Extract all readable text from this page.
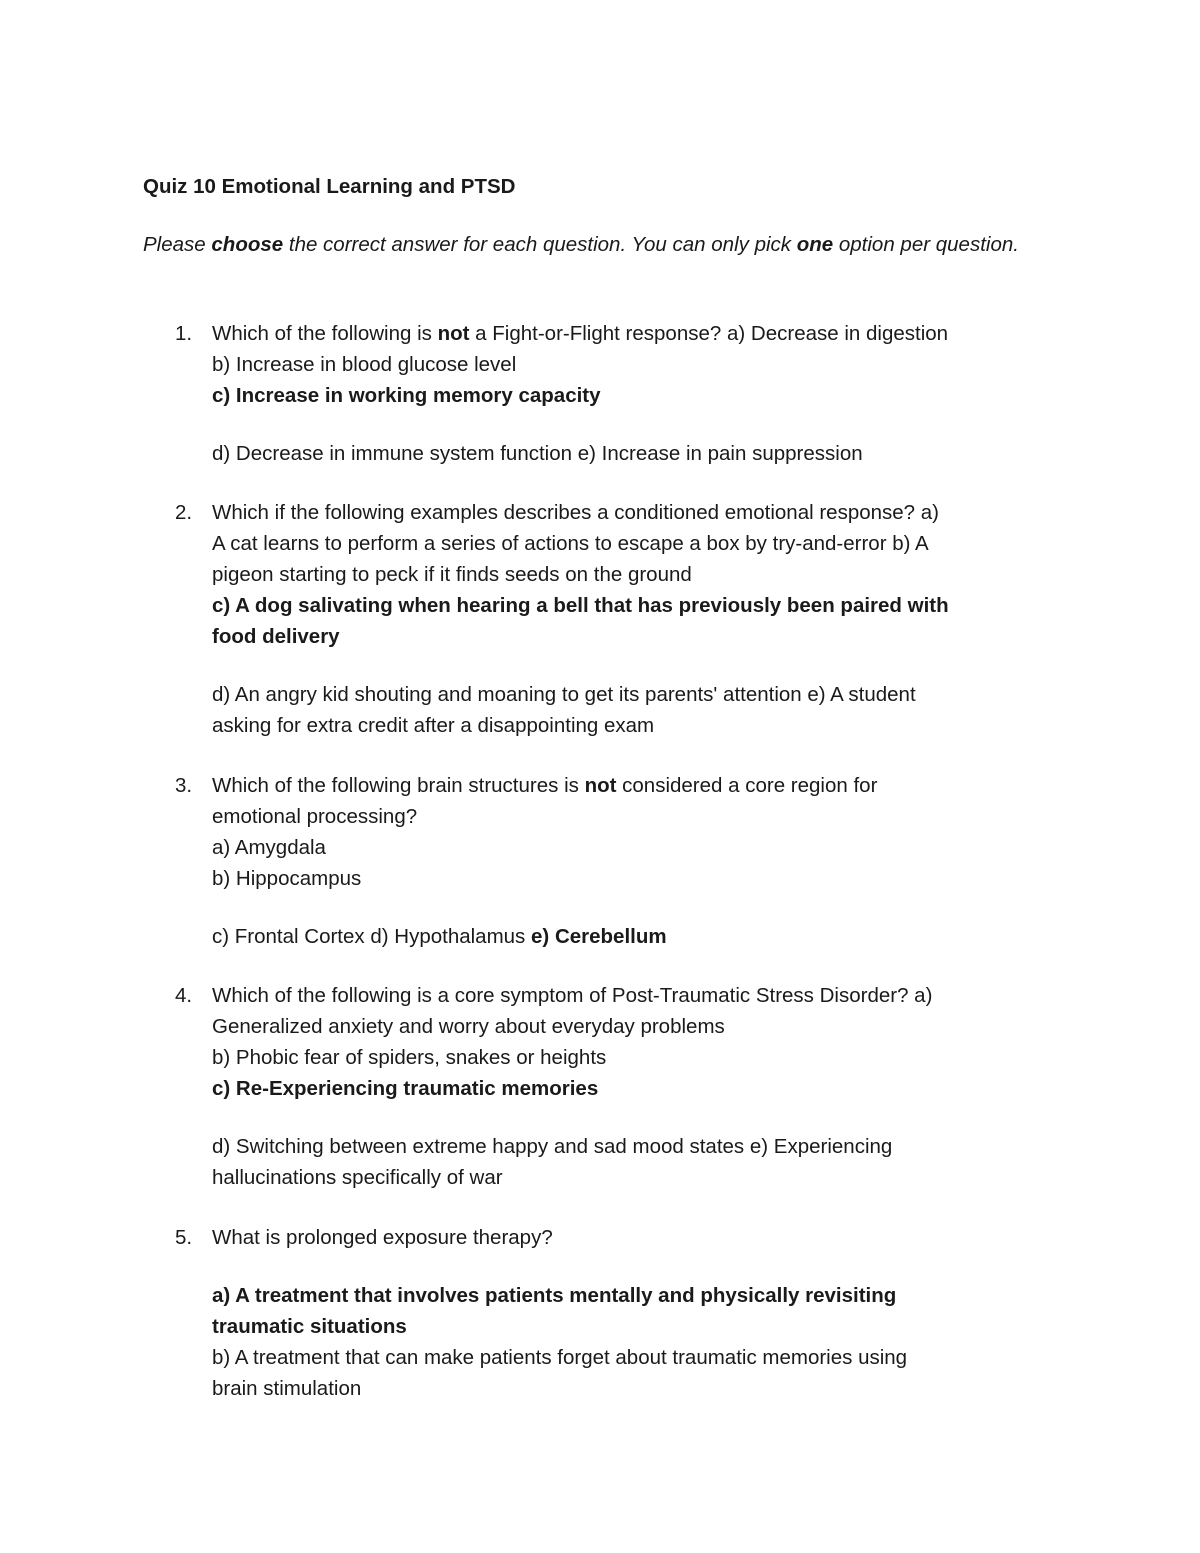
Quiz 10 Emotional Learning and PTSD

Please choose the correct answer for each question. You can only pick one option per question.

1. Which of the following is not a Fight-or-Flight response? a) Decrease in digestion
b) Increase in blood glucose level
c) Increase in working memory capacity
d) Decrease in immune system function e) Increase in pain suppression
2. Which if the following examples describes a conditioned emotional response? a)
A cat learns to perform a series of actions to escape a box by try-and-error b) A
pigeon starting to peck if it finds seeds on the ground
c) A dog salivating when hearing a bell that has previously been paired with
food delivery
d) An angry kid shouting and moaning to get its parents' attention e) A student
asking for extra credit after a disappointing exam
3. Which of the following brain structures is not considered a core region for
emotional processing?
a) Amygdala
b) Hippocampus
c) Frontal Cortex d) Hypothalamus e) Cerebellum
4. Which of the following is a core symptom of Post-Traumatic Stress Disorder? a)
Generalized anxiety and worry about everyday problems
b) Phobic fear of spiders, snakes or heights
c) Re-Experiencing traumatic memories
d) Switching between extreme happy and sad mood states e) Experiencing
hallucinations specifically of war
5. What is prolonged exposure therapy?
a) A treatment that involves patients mentally and physically revisiting
traumatic situations
b) A treatment that can make patients forget about traumatic memories using
brain stimulation
